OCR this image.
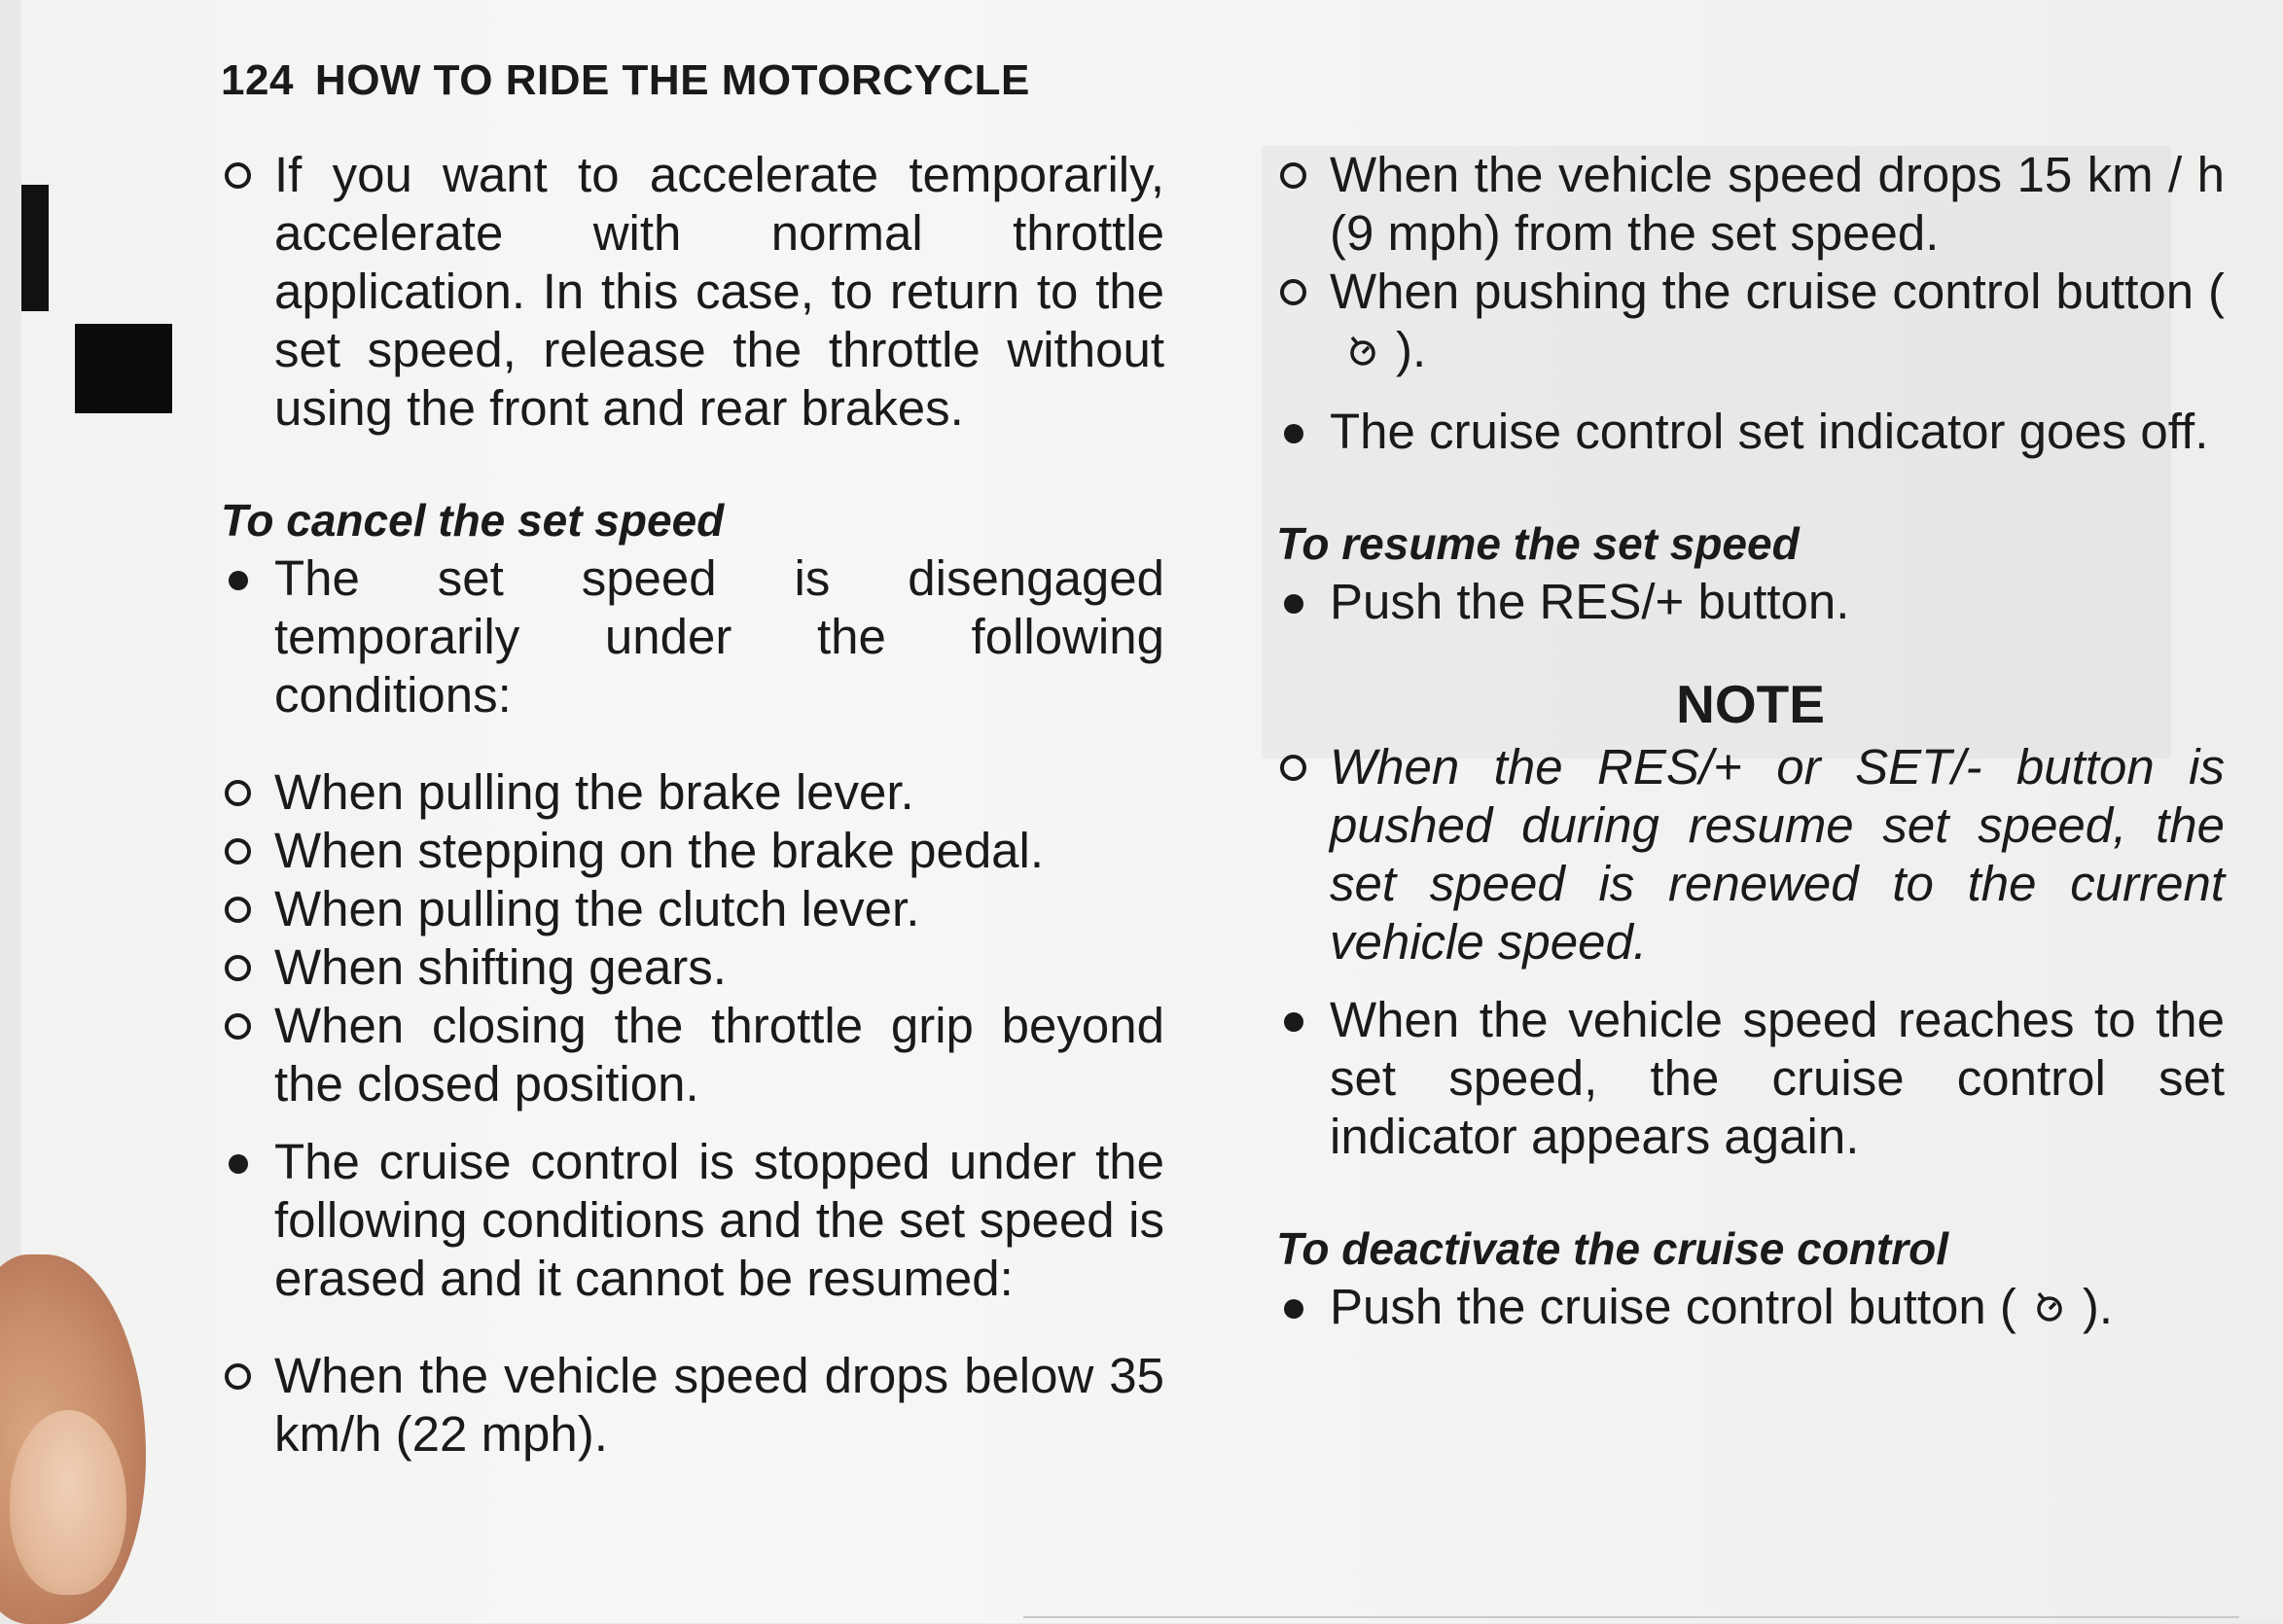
124 HOW TO RIDE THE MOTORCYCLE

If you want to accelerate temporarily, accelerate with normal throttle application. In this case, to return to the set speed, release the throttle without using the front and rear brakes.

To cancel the set speed

The set speed is disengaged temporarily under the following conditions:

When pulling the brake lever.

When stepping on the brake pedal.

When pulling the clutch lever.

When shifting gears.

When closing the throttle grip beyond the closed position.

The cruise control is stopped under the following conditions and the set speed is erased and it cannot be resumed:

When the vehicle speed drops below 35 km/h (22 mph).

When the vehicle speed drops 15 km / h (9 mph) from the set speed.

When pushing the cruise control button ().

The cruise control set indicator goes off.

To resume the set speed

Push the RES/+ button.

NOTE

When the RES/+ or SET/- button is pushed during resume set speed, the set speed is renewed to the current vehicle speed.

When the vehicle speed reaches to the set speed, the cruise control set indicator appears again.

To deactivate the cruise control

Push the cruise control button ( ).
